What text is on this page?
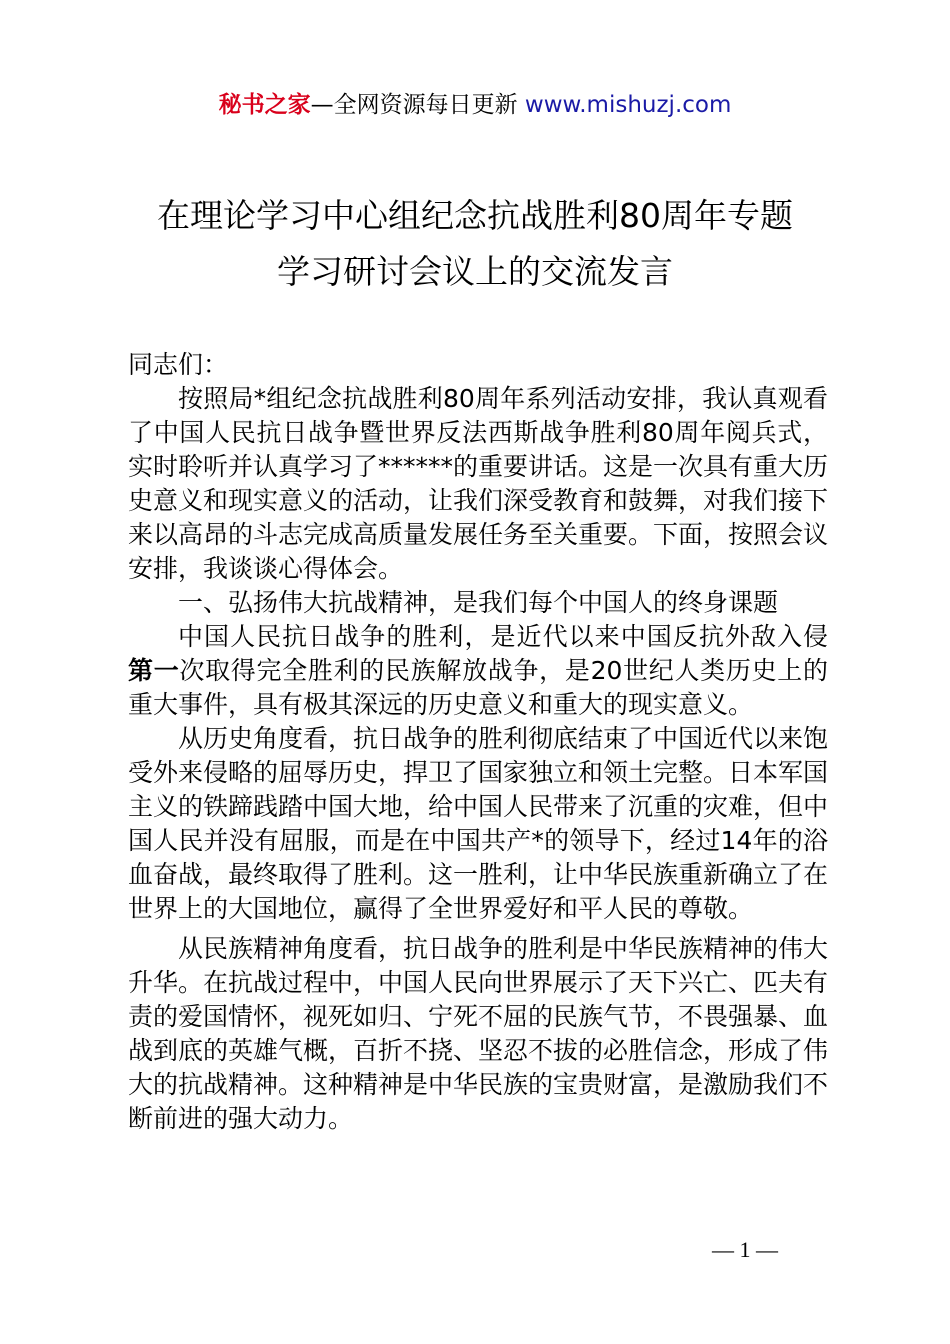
秘书之家—全网资源每日更新 www.mishuzj.com
在理论学习中心组纪念抗战胜利80周年专题
学习研讨会议上的交流发言

同志们：

按照局*组纪念抗战胜利80周年系列活动安排，我认真观看了中国人民抗日战争暨世界反法西斯战争胜利80周年阅兵式，实时聆听并认真学习了******的重要讲话。这是一次具有重大历史意义和现实意义的活动，让我们深受教育和鼓舞，对我们接下来以高昂的斗志完成高质量发展任务至关重要。下面，按照会议安排，我谈谈心得体会。

一、弘扬伟大抗战精神，是我们每个中国人的终身课题

中国人民抗日战争的胜利，是近代以来中国反抗外敌入侵第一次取得完全胜利的民族解放战争，是20世纪人类历史上的重大事件，具有极其深远的历史意义和重大的现实意义。

从历史角度看，抗日战争的胜利彻底结束了中国近代以来饱受外来侵略的屈辱历史，捍卫了国家独立和领土完整。日本军国主义的铁蹄践踏中国大地，给中国人民带来了沉重的灾难，但中国人民并没有屈服，而是在中国共产*的领导下，经过14年的浴血奋战，最终取得了胜利。这一胜利，让中华民族重新确立了在世界上的大国地位，赢得了全世界爱好和平人民的尊敬。

从民族精神角度看，抗日战争的胜利是中华民族精神的伟大升华。在抗战过程中，中国人民向世界展示了天下兴亡、匹夫有责的爱国情怀，视死如归、宁死不屈的民族气节，不畏强暴、血战到底的英雄气概，百折不挠、坚忍不拔的必胜信念，形成了伟大的抗战精神。这种精神是中华民族的宝贵财富，是激励我们不断前进的强大动力。

— 1 —
